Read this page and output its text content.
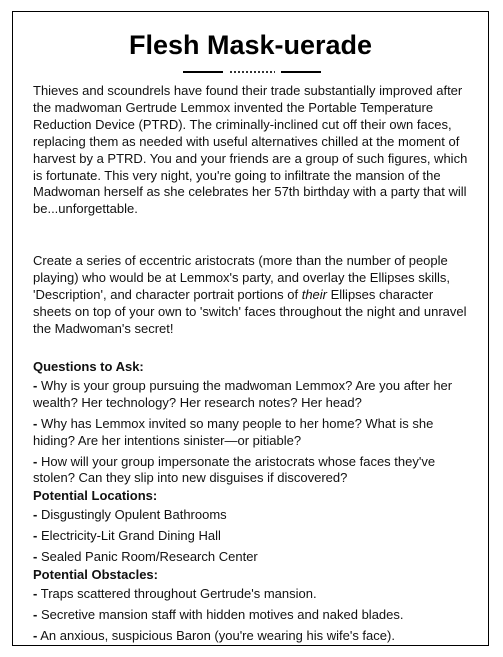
Flesh Mask-uerade

Thieves and scoundrels have found their trade substantially improved after the madwoman Gertrude Lemmox invented the Portable Temperature Reduction Device (PTRD). The criminally-inclined cut off their own faces, replacing them as needed with useful alternatives chilled at the moment of harvest by a PTRD. You and your friends are a group of such figures, which is fortunate. This very night, you're going to infiltrate the mansion of the Madwoman herself as she celebrates her 57th birthday with a party that will be...unforgettable.

Create a series of eccentric aristocrats (more than the number of people playing) who would be at Lemmox's party, and overlay the Ellipses skills, 'Description', and character portrait portions of their Ellipses character sheets on top of your own to 'switch' faces throughout the night and unravel the Madwoman's secret!

Questions to Ask:
- Why is your group pursuing the madwoman Lemmox? Are you after her wealth? Her technology? Her research notes? Her head?
- Why has Lemmox invited so many people to her home? What is she hiding? Are her intentions sinister—or pitiable?
- How will your group impersonate the aristocrats whose faces they've stolen? Can they slip into new disguises if discovered?
Potential Locations:
- Disgustingly Opulent Bathrooms
- Electricity-Lit Grand Dining Hall
- Sealed Panic Room/Research Center
Potential Obstacles:
- Traps scattered throughout Gertrude's mansion.
- Secretive mansion staff with hidden motives and naked blades.
- An anxious, suspicious Baron (you're wearing his wife's face).
